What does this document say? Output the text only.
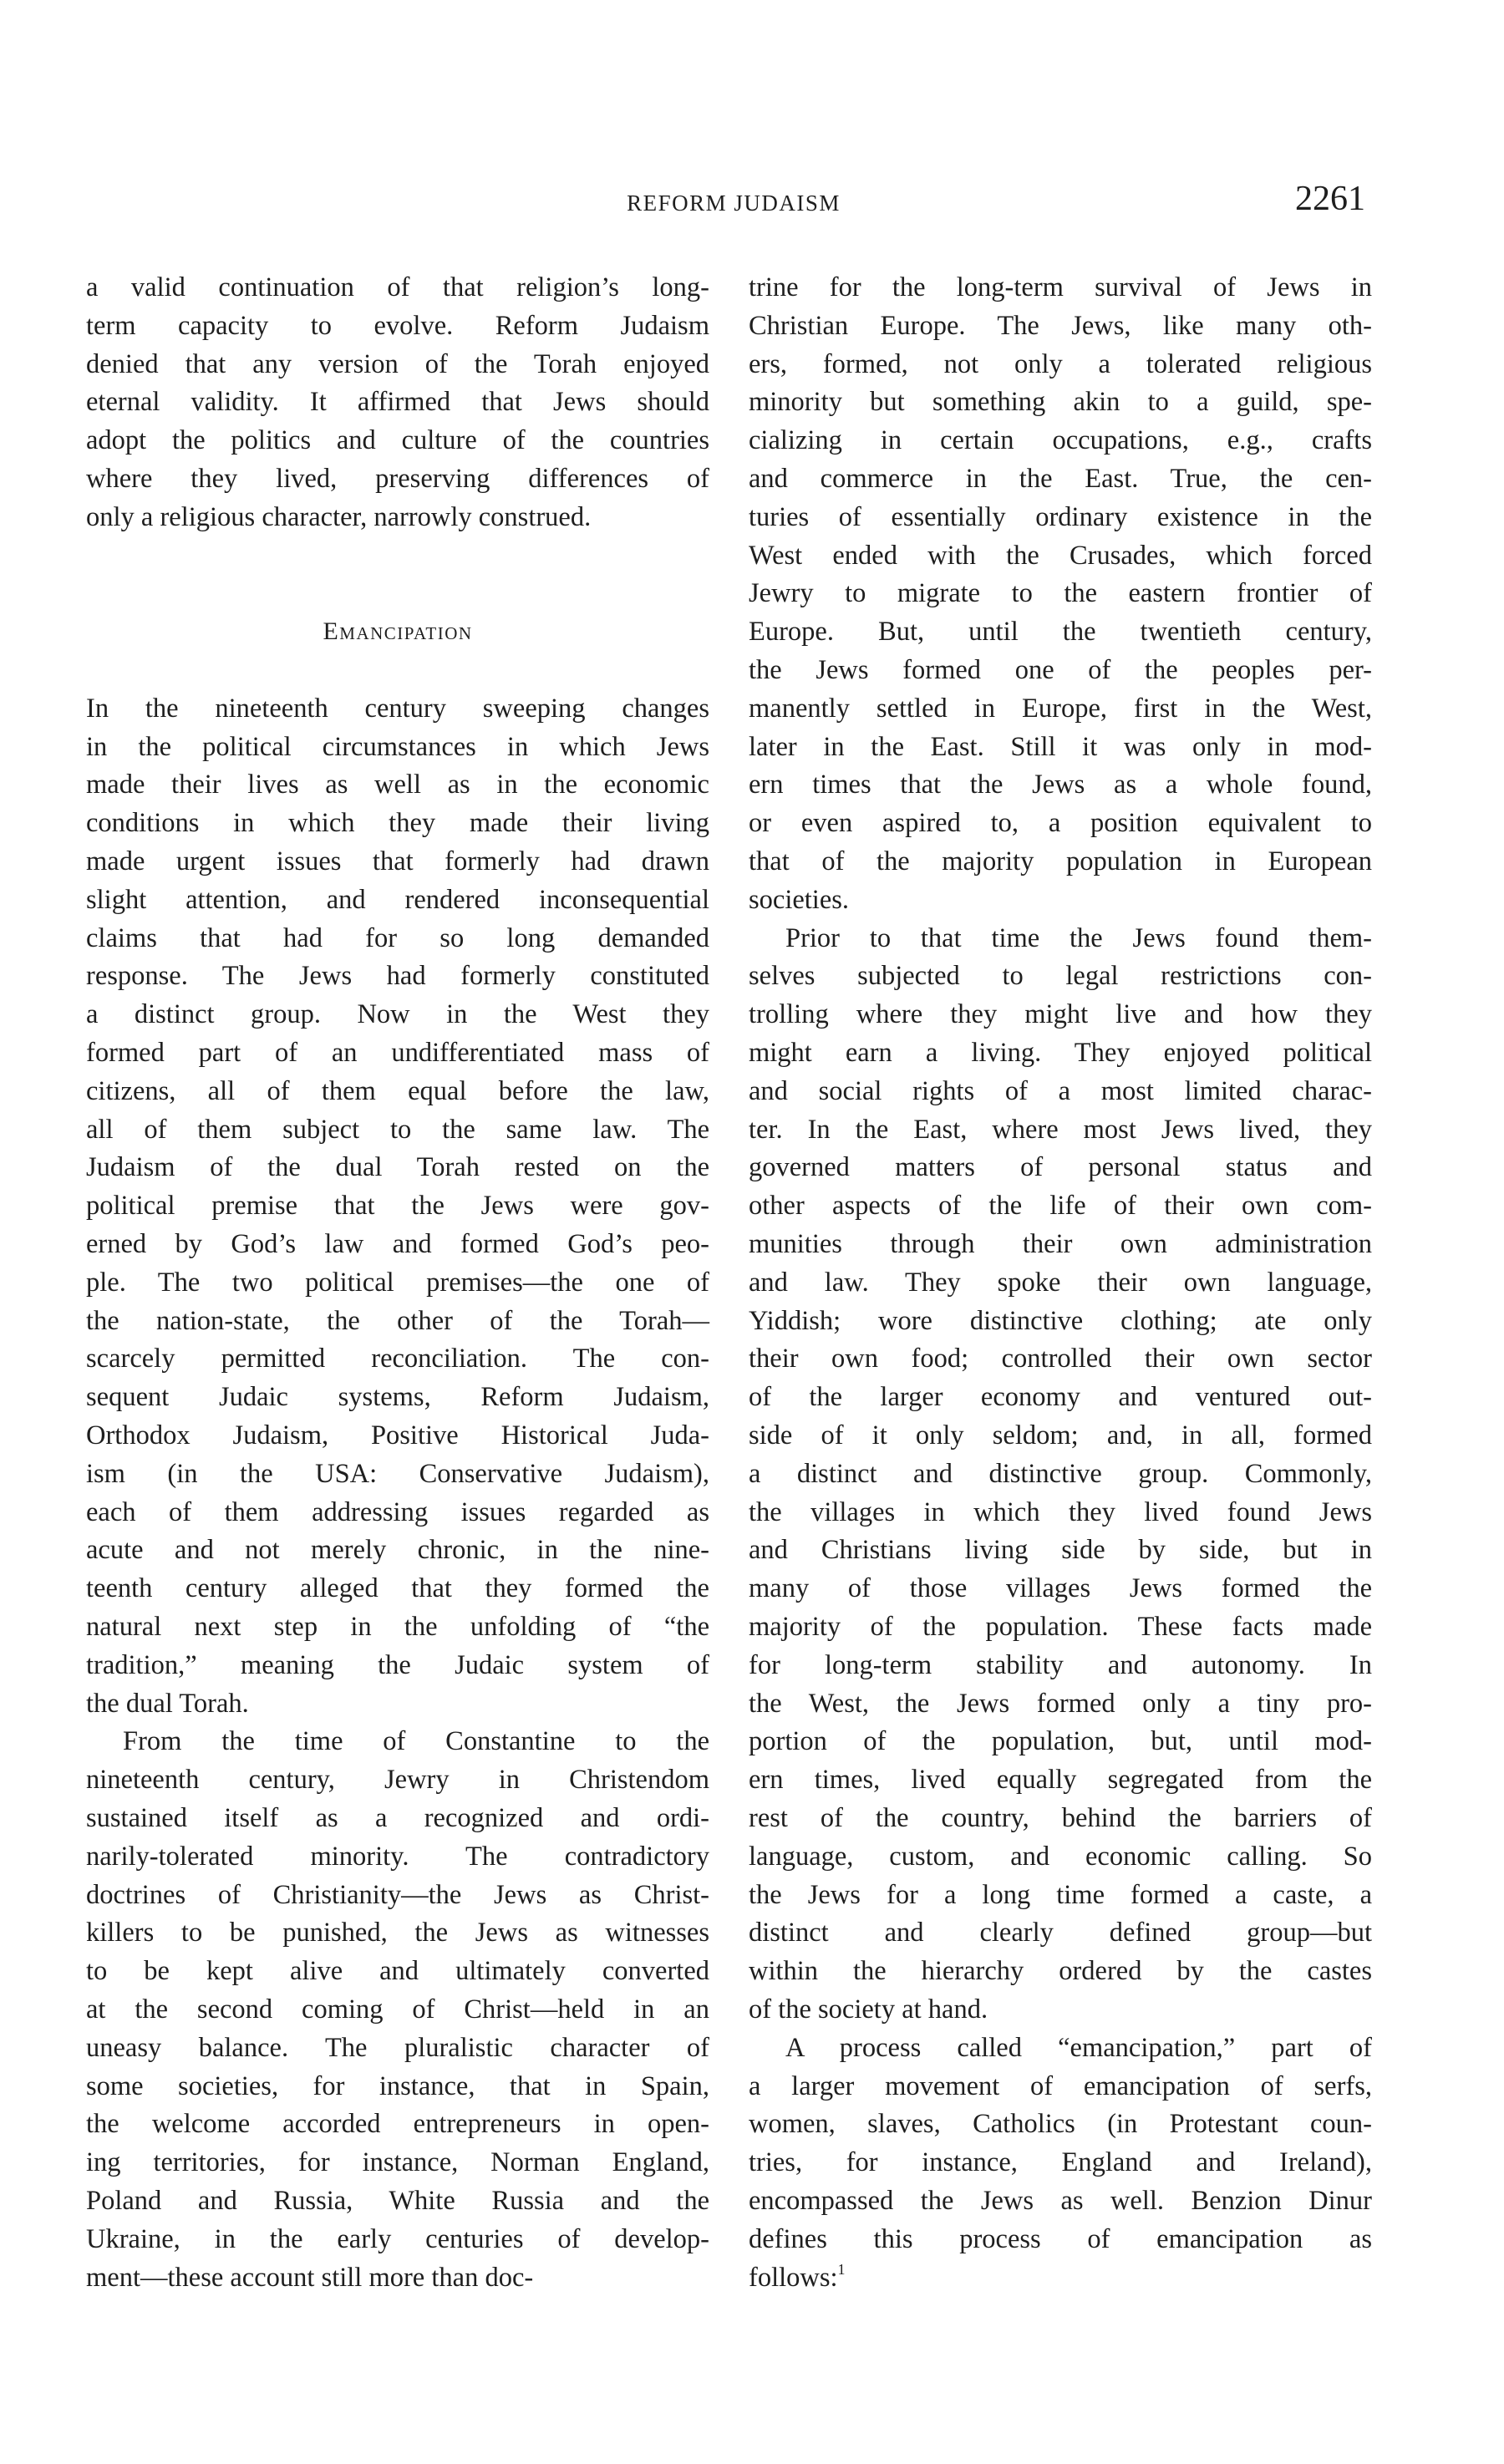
REFORM JUDAISM	2261
a valid continuation of that religion’s long-
term capacity to evolve. Reform Judaism
denied that any version of the Torah enjoyed
eternal validity. It affirmed that Jews should
adopt the politics and culture of the countries
where they lived, preserving differences of
only a religious character, narrowly construed.
Emancipation
In the nineteenth century sweeping changes
in the political circumstances in which Jews
made their lives as well as in the economic
conditions in which they made their living
made urgent issues that formerly had drawn
slight attention, and rendered inconsequential
claims that had for so long demanded
response. The Jews had formerly constituted
a distinct group. Now in the West they
formed part of an undifferentiated mass of
citizens, all of them equal before the law,
all of them subject to the same law. The
Judaism of the dual Torah rested on the
political premise that the Jews were gov-
erned by God’s law and formed God’s peo-
ple. The two political premises—the one of
the nation-state, the other of the Torah—
scarcely permitted reconciliation. The con-
sequent Judaic systems, Reform Judaism,
Orthodox Judaism, Positive Historical Juda-
ism (in the USA: Conservative Judaism),
each of them addressing issues regarded as
acute and not merely chronic, in the nine-
teenth century alleged that they formed the
natural next step in the unfolding of “the
tradition,” meaning the Judaic system of
the dual Torah.
From the time of Constantine to the
nineteenth century, Jewry in Christendom
sustained itself as a recognized and ordi-
narily-tolerated minority. The contradictory
doctrines of Christianity—the Jews as Christ-
killers to be punished, the Jews as witnesses
to be kept alive and ultimately converted
at the second coming of Christ—held in an
uneasy balance. The pluralistic character of
some societies, for instance, that in Spain,
the welcome accorded entrepreneurs in open-
ing territories, for instance, Norman England,
Poland and Russia, White Russia and the
Ukraine, in the early centuries of develop-
ment—these account still more than doc-
trine for the long-term survival of Jews in
Christian Europe. The Jews, like many oth-
ers, formed, not only a tolerated religious
minority but something akin to a guild, spe-
cializing in certain occupations, e.g., crafts
and commerce in the East. True, the cen-
turies of essentially ordinary existence in the
West ended with the Crusades, which forced
Jewry to migrate to the eastern frontier of
Europe. But, until the twentieth century,
the Jews formed one of the peoples per-
manently settled in Europe, first in the West,
later in the East. Still it was only in mod-
ern times that the Jews as a whole found,
or even aspired to, a position equivalent to
that of the majority population in European
societies.
Prior to that time the Jews found them-
selves subjected to legal restrictions con-
trolling where they might live and how they
might earn a living. They enjoyed political
and social rights of a most limited charac-
ter. In the East, where most Jews lived, they
governed matters of personal status and
other aspects of the life of their own com-
munities through their own administration
and law. They spoke their own language,
Yiddish; wore distinctive clothing; ate only
their own food; controlled their own sector
of the larger economy and ventured out-
side of it only seldom; and, in all, formed
a distinct and distinctive group. Commonly,
the villages in which they lived found Jews
and Christians living side by side, but in
many of those villages Jews formed the
majority of the population. These facts made
for long-term stability and autonomy. In
the West, the Jews formed only a tiny pro-
portion of the population, but, until mod-
ern times, lived equally segregated from the
rest of the country, behind the barriers of
language, custom, and economic calling. So
the Jews for a long time formed a caste, a
distinct and clearly defined group—but
within the hierarchy ordered by the castes
of the society at hand.
A process called “emancipation,” part of
a larger movement of emancipation of serfs,
women, slaves, Catholics (in Protestant coun-
tries, for instance, England and Ireland),
encompassed the Jews as well. Benzion Dinur
defines this process of emancipation as
follows:$^1$
